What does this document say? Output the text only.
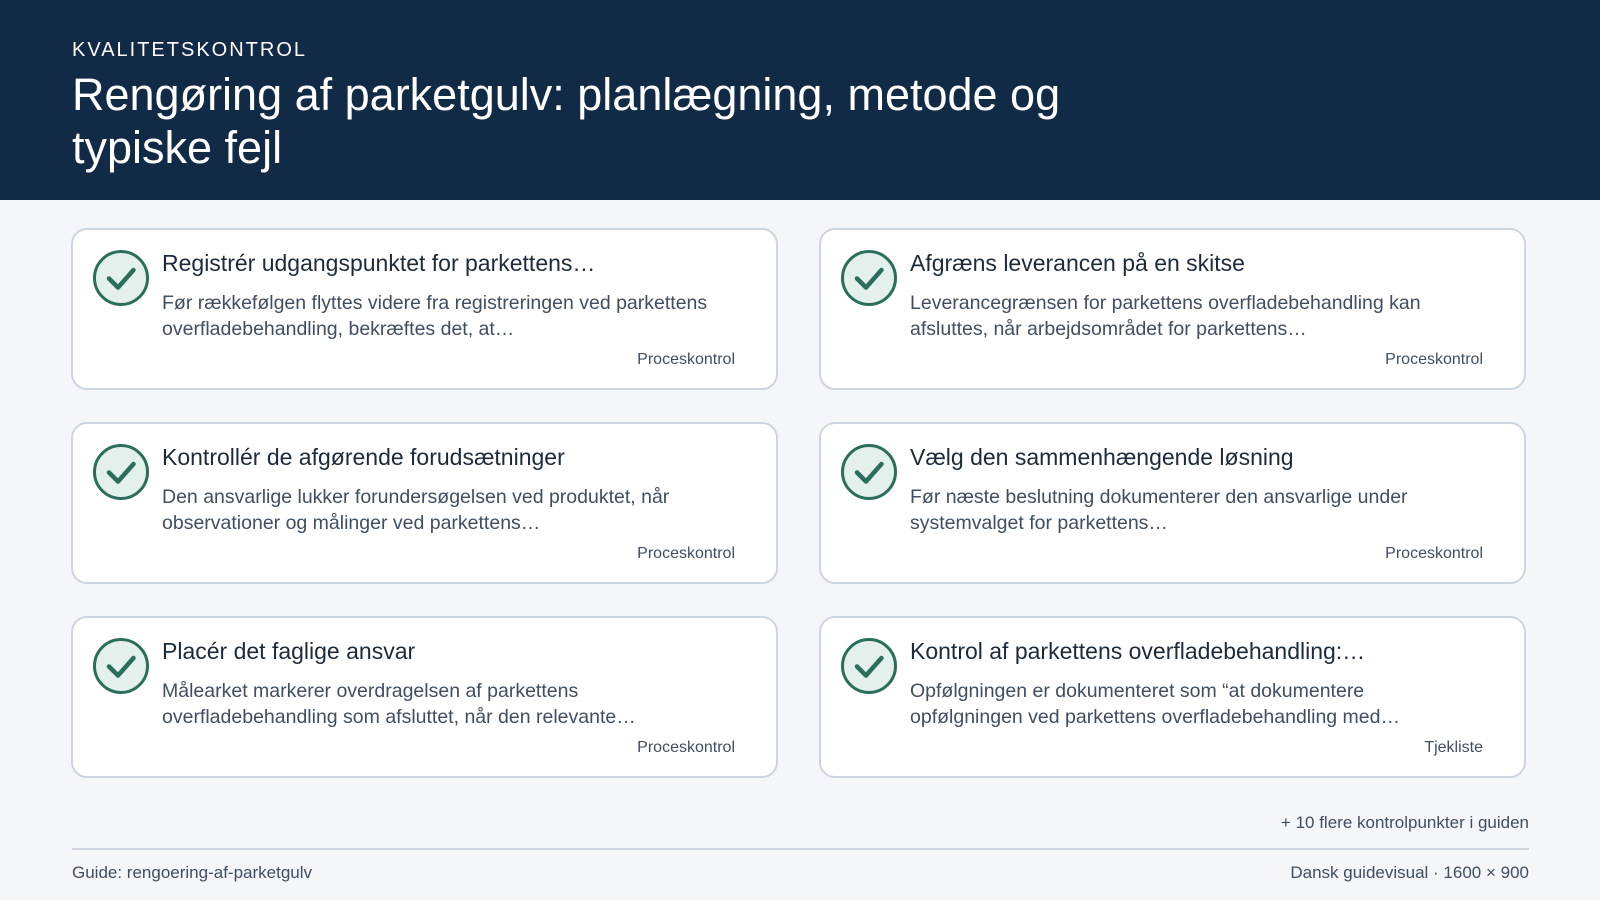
KVALITETSKONTROL
Rengøring af parketgulv: planlægning, metode og typiske fejl
Registrér udgangspunktet for parkettens…
Før rækkefølgen flyttes videre fra registreringen ved parkettens overfladebehandling, bekræftes det, at…
Proceskontrol
Afgræns leverancen på en skitse
Leverancegrænsen for parkettens overfladebehandling kan afsluttes, når arbejdsområdet for parkettens…
Proceskontrol
Kontrollér de afgørende forudsætninger
Den ansvarlige lukker forundersøgelsen ved produktet, når observationer og målinger ved parkettens…
Proceskontrol
Vælg den sammenhængende løsning
Før næste beslutning dokumenterer den ansvarlige under systemvalget for parkettens…
Proceskontrol
Placér det faglige ansvar
Målearket markerer overdragelsen af parkettens overfladebehandling som afsluttet, når den relevante…
Proceskontrol
Kontrol af parkettens overfladebehandling:…
Opfølgningen er dokumenteret som “at dokumentere opfølgningen ved parkettens overfladebehandling med…
Tjekliste
+ 10 flere kontrolpunkter i guiden
Guide: rengoering-af-parketgulv	Dansk guidevisual · 1600 × 900
